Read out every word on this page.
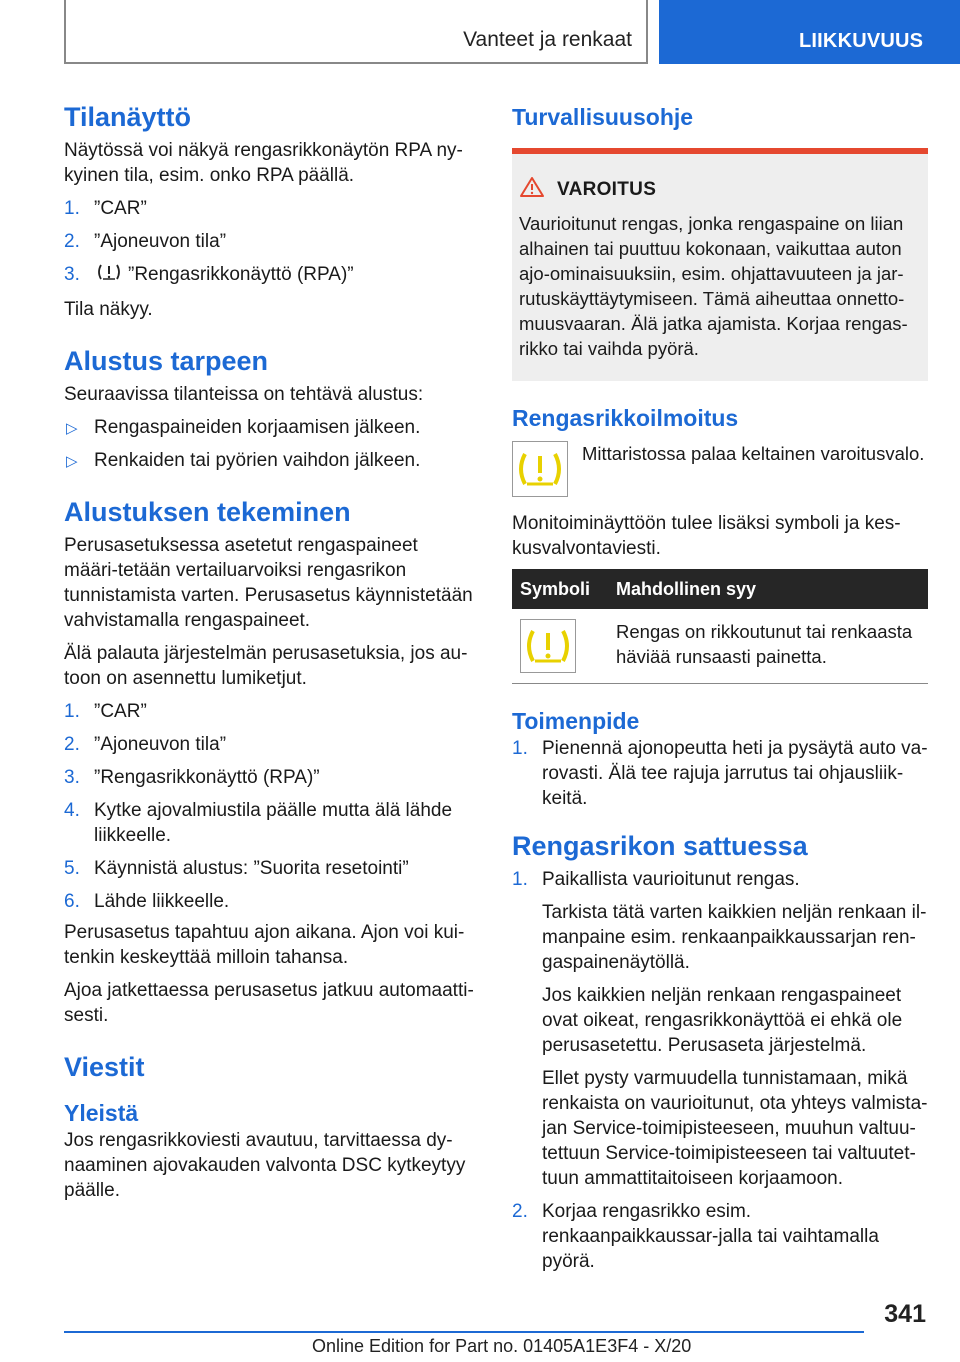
Vanteet ja renkaat	LIIKKUVUUS
Tilanäyttö

Näytössä voi näkyä rengasrikkonäytön RPA ny-kyinen tila, esim. onko RPA päällä.

1. ”CAR”
2. ”Ajoneuvon tila”
3.	”Rengasrikkonäyttö (RPA)”

Tila näkyy.

Alustus tarpeen

Seuraavissa tilanteissa on tehtävä alustus:

▷ Rengaspaineiden korjaamisen jälkeen.
▷ Renkaiden tai pyörien vaihdon jälkeen.
Alustuksen tekeminen

Perusasetuksessa asetetut rengaspaineet määri-tetään vertailuarvoiksi rengasrikon tunnistamista varten. Perusasetus käynnistetään vahvistamalla rengaspaineet.

Älä palauta järjestelmän perusasetuksia, jos au-toon on asennettu lumiketjut.

1. ”CAR”
2. ”Ajoneuvon tila”
3. ”Rengasrikkonäyttö (RPA)”
4. Kytke ajovalmiustila päälle mutta älä lähde liikkeelle.
5. Käynnistä alustus: ”Suorita resetointi”
6. Lähde liikkeelle.

Perusasetus tapahtuu ajon aikana. Ajon voi kui-tenkin keskeyttää milloin tahansa.

Ajoa jatkettaessa perusasetus jatkuu automaatti-sesti.

Viestit
Yleistä

Jos rengasrikkoviesti avautuu, tarvittaessa dy-naaminen ajovakauden valvonta DSC kytkeytyy päälle.

Turvallisuusohje
VAROITUS

Vaurioitunut rengas, jonka rengaspaine on liian alhainen tai puuttuu kokonaan, vaikuttaa auton ajo-ominaisuuksiin, esim. ohjattavuuteen ja jar-rutuskäyttäytymiseen. Tämä aiheuttaa onnetto-muusvaaran. Älä jatka ajamista. Korjaa rengas-rikko tai vaihda pyörä.

Rengasrikkoilmoitus

Mittaristossa palaa keltainen varoitusvalo.

Monitoiminäyttöön tulee lisäksi symboli ja kes-kusvalvontaviesti.

Symboli	Mahdollinen syy
	Rengas on rikkoutunut tai renkaasta häviää runsaasti painetta.
Toimenpide
1. Pienennä ajonopeutta heti ja pysäytä auto va-rovasti. Älä tee rajuja jarrutus tai ohjausliik-keitä.
Rengasrikon sattuessa
1. Paikallista vaurioitunut rengas.

Tarkista tätä varten kaikkien neljän renkaan il-manpaine esim. renkaanpaikkaussarjan ren-gaspainenäytöllä.

Jos kaikkien neljän renkaan rengaspaineet ovat oikeat, rengasrikkonäyttöä ei ehkä ole perusasetettu. Perusaseta järjestelmä.

Ellet pysty varmuudella tunnistamaan, mikä renkaista on vaurioitunut, ota yhteys valmista-jan Service-toimipisteeseen, muuhun valtuu-tettuun Service-toimipisteeseen tai valtuutet-tuun ammattitaitoiseen korjaamoon.

2. Korjaa rengasrikko esim. renkaanpaikkaussar-jalla tai vaihtamalla pyörä.
341
Online Edition for Part no. 01405A1E3F4 - X/20
